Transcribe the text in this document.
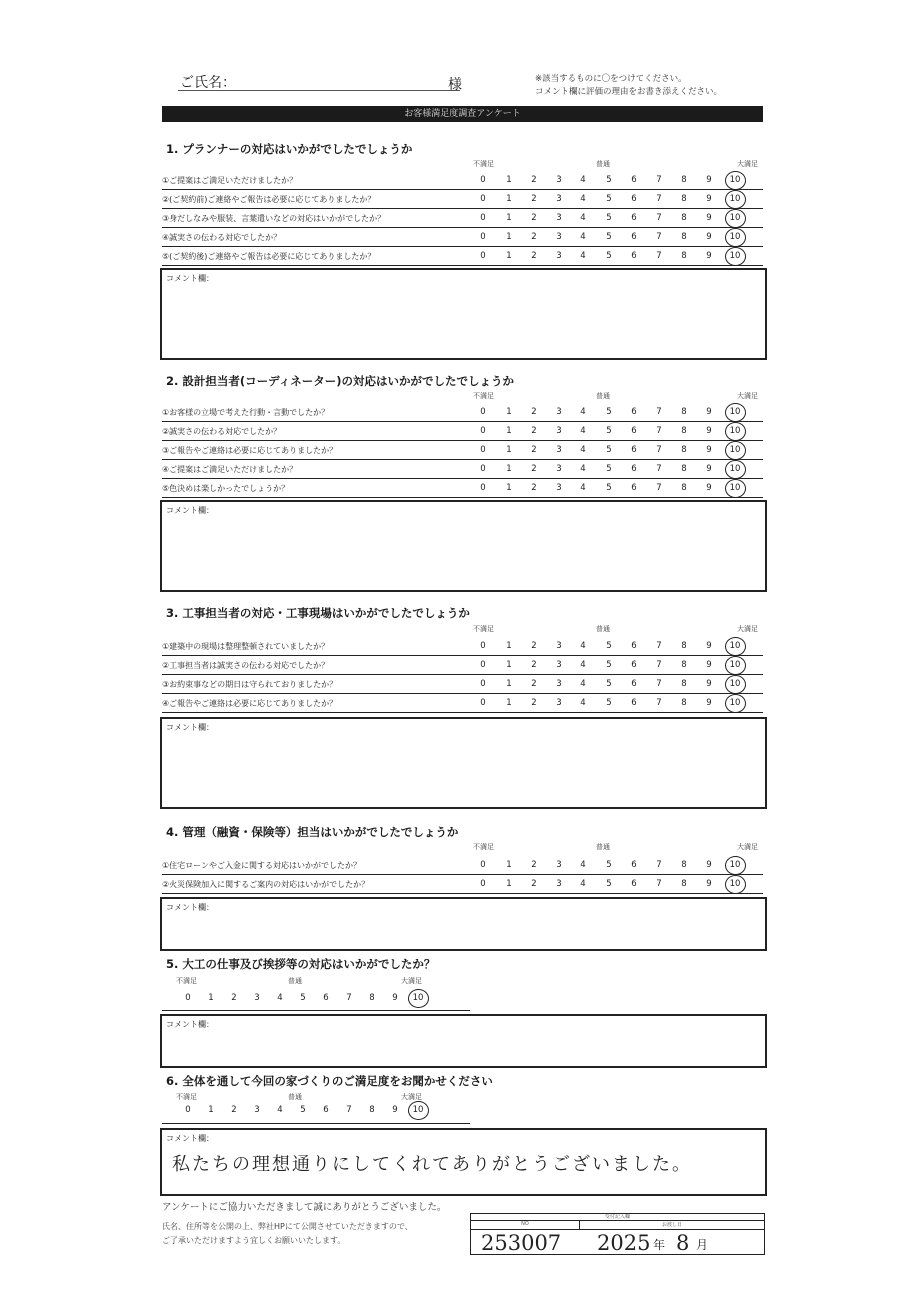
ご氏名：	様	※該当するものに〇をつけてください。
コメント欄に評価の理由をお書き添えください。
お客様満足度調査アンケート
1. プランナーの対応はいかがでしたでしょうか
不満足	普通	大満足
①ご提案はご満足いただけましたか？	0	1	2	3	4	5	6	7	8	9	10
②(ご契約前)ご連絡やご報告は必要に応じてありましたか？	0	1	2	3	4	5	6	7	8	9	10
③身だしなみや服装、言葉遣いなどの対応はいかがでしたか？	0	1	2	3	4	5	6	7	8	9	10
④誠実さの伝わる対応でしたか？	0	1	2	3	4	5	6	7	8	9	10
⑤(ご契約後)ご連絡やご報告は必要に応じてありましたか？	0	1	2	3	4	5	6	7	8	9	10
コメント欄：
2. 設計担当者(コーディネーター)の対応はいかがでしたでしょうか
不満足	普通	大満足
①お客様の立場で考えた行動・言動でしたか？	0	1	2	3	4	5	6	7	8	9	10
②誠実さの伝わる対応でしたか？	0	1	2	3	4	5	6	7	8	9	10
③ご報告やご連絡は必要に応じてありましたか？	0	1	2	3	4	5	6	7	8	9	10
④ご提案はご満足いただけましたか？	0	1	2	3	4	5	6	7	8	9	10
⑤色決めは楽しかったでしょうか？	0	1	2	3	4	5	6	7	8	9	10
コメント欄：
3. 工事担当者の対応・工事現場はいかがでしたでしょうか
不満足	普通	大満足
①建築中の現場は整理整頓されていましたか？	0	1	2	3	4	5	6	7	8	9	10
②工事担当者は誠実さの伝わる対応でしたか？	0	1	2	3	4	5	6	7	8	9	10
③お約束事などの期日は守られておりましたか？	0	1	2	3	4	5	6	7	8	9	10
④ご報告やご連絡は必要に応じてありましたか？	0	1	2	3	4	5	6	7	8	9	10
コメント欄：
4. 管理（融資・保険等）担当はいかがでしたでしょうか
不満足	普通	大満足
①住宅ローンやご入金に関する対応はいかがでしたか？	0	1	2	3	4	5	6	7	8	9	10
②火災保険加入に関するご案内の対応はいかがでしたか？	0	1	2	3	4	5	6	7	8	9	10
コメント欄：
5. 大工の仕事及び挨拶等の対応はいかがでしたか？
不満足	普通	大満足
0	1	2	3	4	5	6	7	8	9	10
コメント欄：
6. 全体を通して今回の家づくりのご満足度をお聞かせください
不満足	普通	大満足
0	1	2	3	4	5	6	7	8	9	10
コメント欄：
私たちの理想通りにしてくれてありがとうございました。
アンケートにご協力いただきまして誠にありがとうございました。
氏名、住所等を公開の上、弊社HPにて公開させていただきますので、
ご了承いただけますよう宜しくお願いいたします。
受付記入欄
NO	お渡し日
253007 2025 年 8 月
